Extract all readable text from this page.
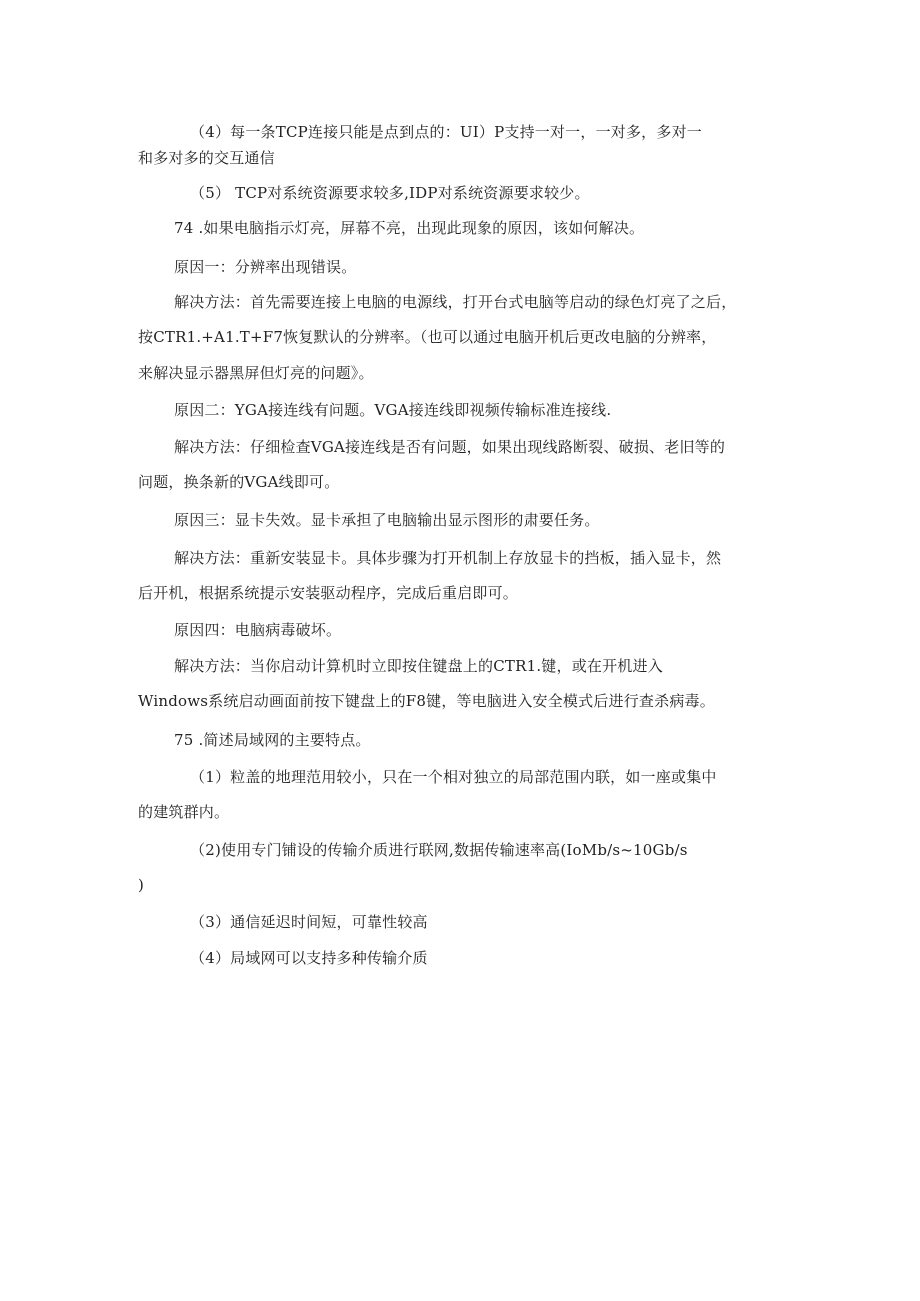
（4）每一条TCP连接只能是点到点的：UI）P支持一对一，一对多，多对一
和多对多的交互通信
（5） TCP对系统资源要求较多,IDP对系统资源要求较少。
74 .如果电脑指示灯亮，屏幕不亮，出现此现象的原因，该如何解决。
原因一：分辨率出现错误。
解决方法：首先需要连接上电脑的电源线，打开台式电脑等启动的绿色灯亮了之后，
按CTR1.+A1.T+F7恢复默认的分辨率。（也可以通过电脑开机后更改电脑的分辨率，
来解决显示器黑屏但灯亮的问题》。
原因二：YGA接连线有问题。VGA接连线即视频传输标准连接线.
解决方法：仔细检查VGA接连线是否有问题，如果出现线路断裂、破损、老旧等的
问题，换条新的VGA线即可。
原因三：显卡失效。显卡承担了电脑输出显示图形的肃要任务。
解决方法：重新安装显卡。具体步骤为打开机制上存放显卡的挡板，插入显卡，然
后开机，根据系统提示安装驱动程序，完成后重启即可。
原因四：电脑病毒破坏。
解决方法：当你启动计算机时立即按住键盘上的CTR1.键，或在开机进入
Windows系统启动画面前按下键盘上的F8键，等电脑进入安全模式后进行查杀病毒。
75 .简述局域网的主要特点。
（1）粒盖的地理范用较小，只在一个相对独立的局部范围内联，如一座或集中
的建筑群内。
（2)使用专门铺设的传输介质进行联网,数据传输速率高(IoMb/s~10Gb/s
)
（3）通信延迟时间短，可靠性较高
（4）局域网可以支持多种传输介质
